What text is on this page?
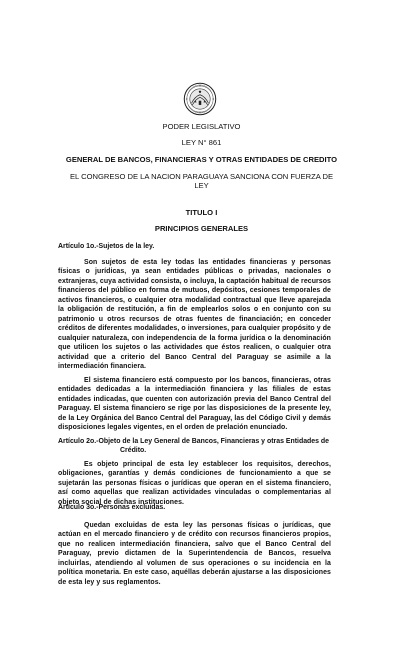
PODER LEGISLATIVO

LEY N° 861

GENERAL DE BANCOS, FINANCIERAS Y OTRAS ENTIDADES DE CREDITO

EL CONGRESO DE LA NACION PARAGUAYA SANCIONA CON FUERZA DE
LEY

TITULO I

PRINCIPIOS GENERALES

Artículo 1o.-Sujetos de la ley.

Son sujetos de esta ley todas las entidades financieras y personas físicas o jurídicas, ya sean entidades públicas o privadas, nacionales o extranjeras, cuya actividad consista, o incluya, la captación habitual de recursos financieros del público en forma de mutuos, depósitos, cesiones temporales de activos financieros, o cualquier otra modalidad contractual que lleve aparejada la obligación de restitución, a fin de emplearlos solos o en conjunto con su patrimonio u otros recursos de otras fuentes de financiación; en conceder créditos de diferentes modalidades, o inversiones, para cualquier propósito y de cualquier naturaleza, con independencia de la forma jurídica o la denominación que utilicen los sujetos o las actividades que éstos realicen, o cualquier otra actividad que a criterio del Banco Central del Paraguay se asimile a la intermediación financiera.

El sistema financiero está compuesto por los bancos, financieras, otras entidades dedicadas a la intermediación financiera y las filiales de estas entidades indicadas, que cuenten con autorización previa del Banco Central del Paraguay. El sistema financiero se rige por las disposiciones de la presente ley, de la Ley Orgánica del Banco Central del Paraguay, las del Código Civil y demás disposiciones legales vigentes, en el orden de prelación enunciado.

Artículo 2o.-Objeto de la Ley General de Bancos, Financieras y otras Entidades de
Crédito.

Es objeto principal de esta ley establecer los requisitos, derechos, obligaciones, garantías y demás condiciones de funcionamiento a que se sujetarán las personas físicas o jurídicas que operan en el sistema financiero, así como aquellas que realizan actividades vinculadas o complementarias al objeto social de dichas instituciones.

Artículo 3o.-Personas excluidas.

Quedan excluidas de esta ley las personas físicas o jurídicas, que actúan en el mercado financiero y de crédito con recursos financieros propios, que no realicen intermediación financiera, salvo que el Banco Central del Paraguay, previo dictamen de la Superintendencia de Bancos, resuelva incluirlas, atendiendo al volumen de sus operaciones o su incidencia en la política monetaria. En este caso, aquéllas deberán ajustarse a las disposiciones de esta ley y sus reglamentos.
